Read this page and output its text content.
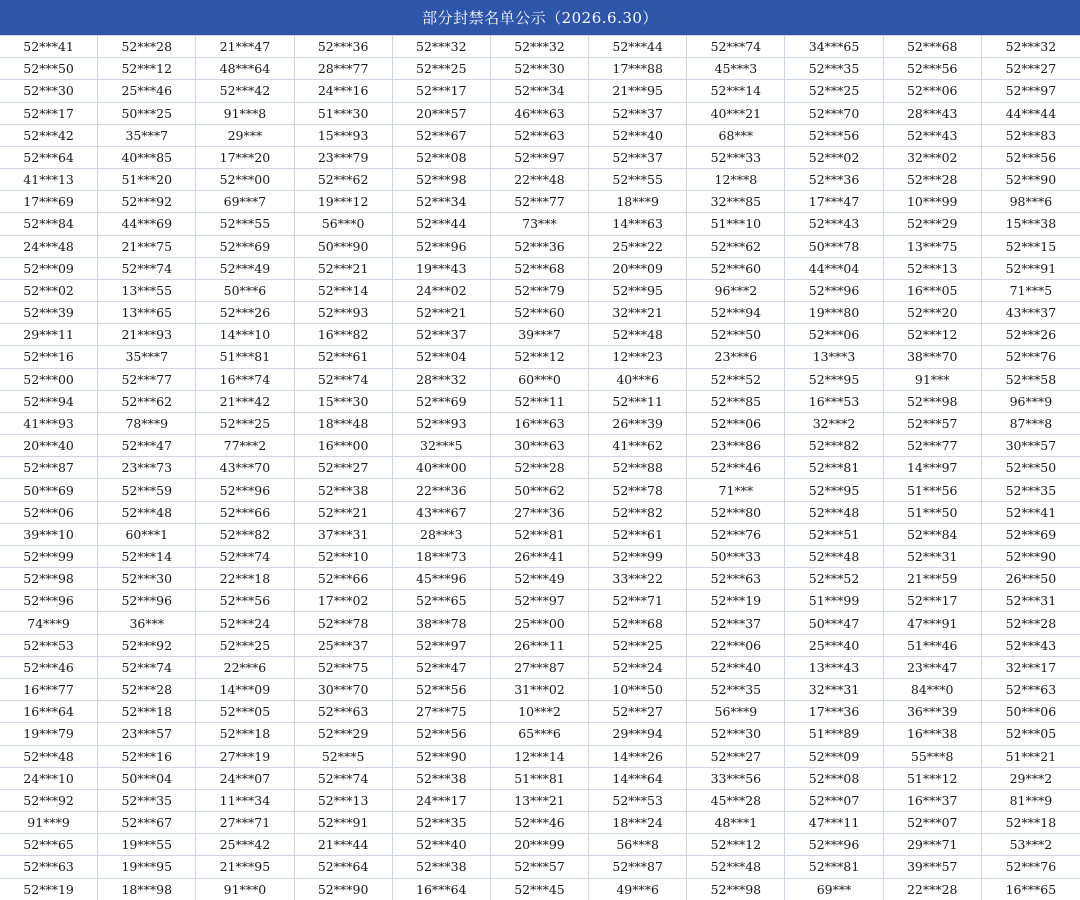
部分封禁名单公示（2026.6.30）
52***41	52***28	21***47	52***36	52***32	52***32	52***44	52***74	34***65	52***68	52***32
52***50	52***12	48***64	28***77	52***25	52***30	17***88	45***3	52***35	52***56	52***27
52***30	25***46	52***42	24***16	52***17	52***34	21***95	52***14	52***25	52***06	52***97
52***17	50***25	91***8	51***30	20***57	46***63	52***37	40***21	52***70	28***43	44***44
52***42	35***7	29***	15***93	52***67	52***63	52***40	68***	52***56	52***43	52***83
52***64	40***85	17***20	23***79	52***08	52***97	52***37	52***33	52***02	32***02	52***56
41***13	51***20	52***00	52***62	52***98	22***48	52***55	12***8	52***36	52***28	52***90
17***69	52***92	69***7	19***12	52***34	52***77	18***9	32***85	17***47	10***99	98***6
52***84	44***69	52***55	56***0	52***44	73***	14***63	51***10	52***43	52***29	15***38
24***48	21***75	52***69	50***90	52***96	52***36	25***22	52***62	50***78	13***75	52***15
52***09	52***74	52***49	52***21	19***43	52***68	20***09	52***60	44***04	52***13	52***91
52***02	13***55	50***6	52***14	24***02	52***79	52***95	96***2	52***96	16***05	71***5
52***39	13***65	52***26	52***93	52***21	52***60	32***21	52***94	19***80	52***20	43***37
29***11	21***93	14***10	16***82	52***37	39***7	52***48	52***50	52***06	52***12	52***26
52***16	35***7	51***81	52***61	52***04	52***12	12***23	23***6	13***3	38***70	52***76
52***00	52***77	16***74	52***74	28***32	60***0	40***6	52***52	52***95	91***	52***58
52***94	52***62	21***42	15***30	52***69	52***11	52***11	52***85	16***53	52***98	96***9
41***93	78***9	52***25	18***48	52***93	16***63	26***39	52***06	32***2	52***57	87***8
20***40	52***47	77***2	16***00	32***5	30***63	41***62	23***86	52***82	52***77	30***57
52***87	23***73	43***70	52***27	40***00	52***28	52***88	52***46	52***81	14***97	52***50
50***69	52***59	52***96	52***38	22***36	50***62	52***78	71***	52***95	51***56	52***35
52***06	52***48	52***66	52***21	43***67	27***36	52***82	52***80	52***48	51***50	52***41
39***10	60***1	52***82	37***31	28***3	52***81	52***61	52***76	52***51	52***84	52***69
52***99	52***14	52***74	52***10	18***73	26***41	52***99	50***33	52***48	52***31	52***90
52***98	52***30	22***18	52***66	45***96	52***49	33***22	52***63	52***52	21***59	26***50
52***96	52***96	52***56	17***02	52***65	52***97	52***71	52***19	51***99	52***17	52***31
74***9	36***	52***24	52***78	38***78	25***00	52***68	52***37	50***47	47***91	52***28
52***53	52***92	52***25	25***37	52***97	26***11	52***25	22***06	25***40	51***46	52***43
52***46	52***74	22***6	52***75	52***47	27***87	52***24	52***40	13***43	23***47	32***17
16***77	52***28	14***09	30***70	52***56	31***02	10***50	52***35	32***31	84***0	52***63
16***64	52***18	52***05	52***63	27***75	10***2	52***27	56***9	17***36	36***39	50***06
19***79	23***57	52***18	52***29	52***56	65***6	29***94	52***30	51***89	16***38	52***05
52***48	52***16	27***19	52***5	52***90	12***14	14***26	52***27	52***09	55***8	51***21
24***10	50***04	24***07	52***74	52***38	51***81	14***64	33***56	52***08	51***12	29***2
52***92	52***35	11***34	52***13	24***17	13***21	52***53	45***28	52***07	16***37	81***9
91***9	52***67	27***71	52***91	52***35	52***46	18***24	48***1	47***11	52***07	52***18
52***65	19***55	25***42	21***44	52***40	20***99	56***8	52***12	52***96	29***71	53***2
52***63	19***95	21***95	52***64	52***38	52***57	52***87	52***48	52***81	39***57	52***76
52***19	18***98	91***0	52***90	16***64	52***45	49***6	52***98	69***	22***28	16***65
